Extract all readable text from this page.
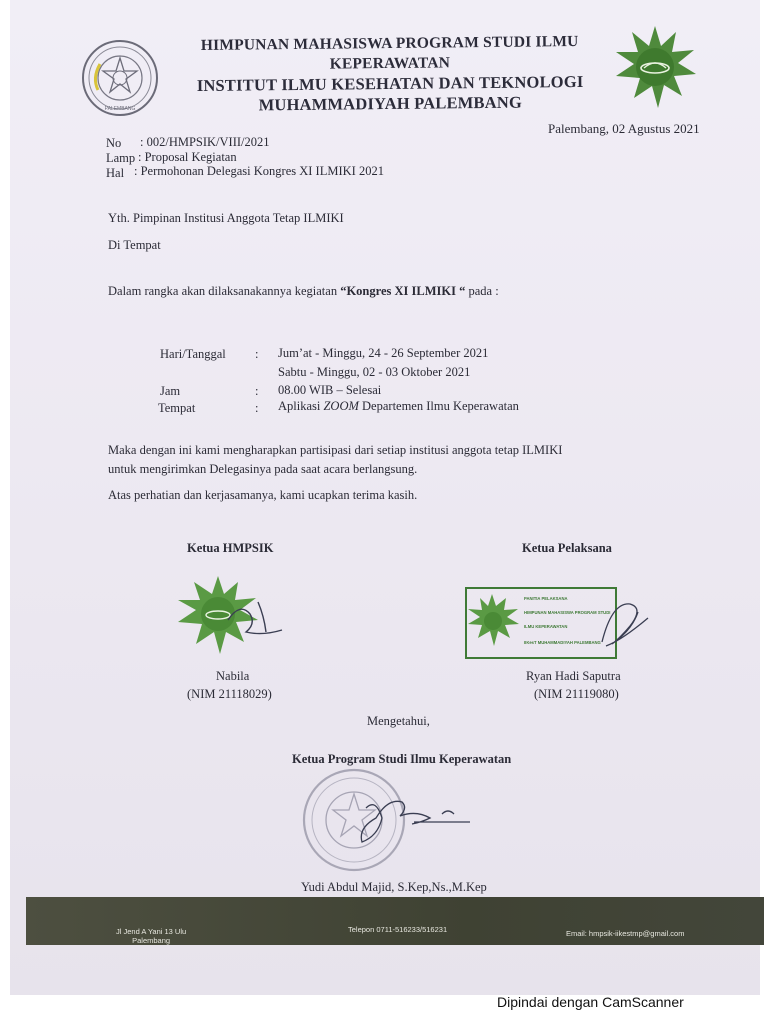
PALEMBANG
HIMPUNAN MAHASISWA PROGRAM STUDI ILMU
KEPERAWATAN
INSTITUT ILMU KESEHATAN DAN TEKNOLOGI
MUHAMMADIYAH PALEMBANG
Palembang, 02 Agustus 2021
No : 002/HMPSIK/VIII/2021
Lamp : Proposal Kegiatan
Hal : Permohonan Delegasi Kongres XI ILMIKI 2021
Yth. Pimpinan Institusi Anggota Tetap ILMIKI
Di Tempat
Dalam rangka akan dilaksanakannya kegiatan “Kongres XI ILMIKI “ pada :
Hari/Tanggal : Jum’at - Minggu, 24 - 26 September 2021
Sabtu - Minggu, 02 - 03 Oktober 2021
Jam	: 08.00 WIB – Selesai
Tempat	: Aplikasi ZOOM Departemen Ilmu Keperawatan
Maka dengan ini kami mengharapkan partisipasi dari setiap institusi anggota tetap ILMIKI
untuk mengirimkan Delegasinya pada saat acara berlangsung.
Atas perhatian dan kerjasamanya, kami ucapkan terima kasih.
Ketua HMPSIK	Ketua Pelaksana
PANITIA PELAKSANA
HIMPUNAN MAHASISWA PROGRAM STUDI
ILMU KEPERAWATAN
IIKesT MUHAMMADIYAH PALEMBANG
Nabila
(NIM 21118029)
Ryan Hadi Saputra
(NIM 21119080)
Mengetahui,
Ketua Program Studi Ilmu Keperawatan
Yudi Abdul Majid, S.Kep,Ns.,M.Kep
Jl Jend A Yani 13 Ulu
Palembang
Telepon 0711-516233/516231	Email: hmpsik-iikestmp@gmail.com
Dipindai dengan CamScanner
